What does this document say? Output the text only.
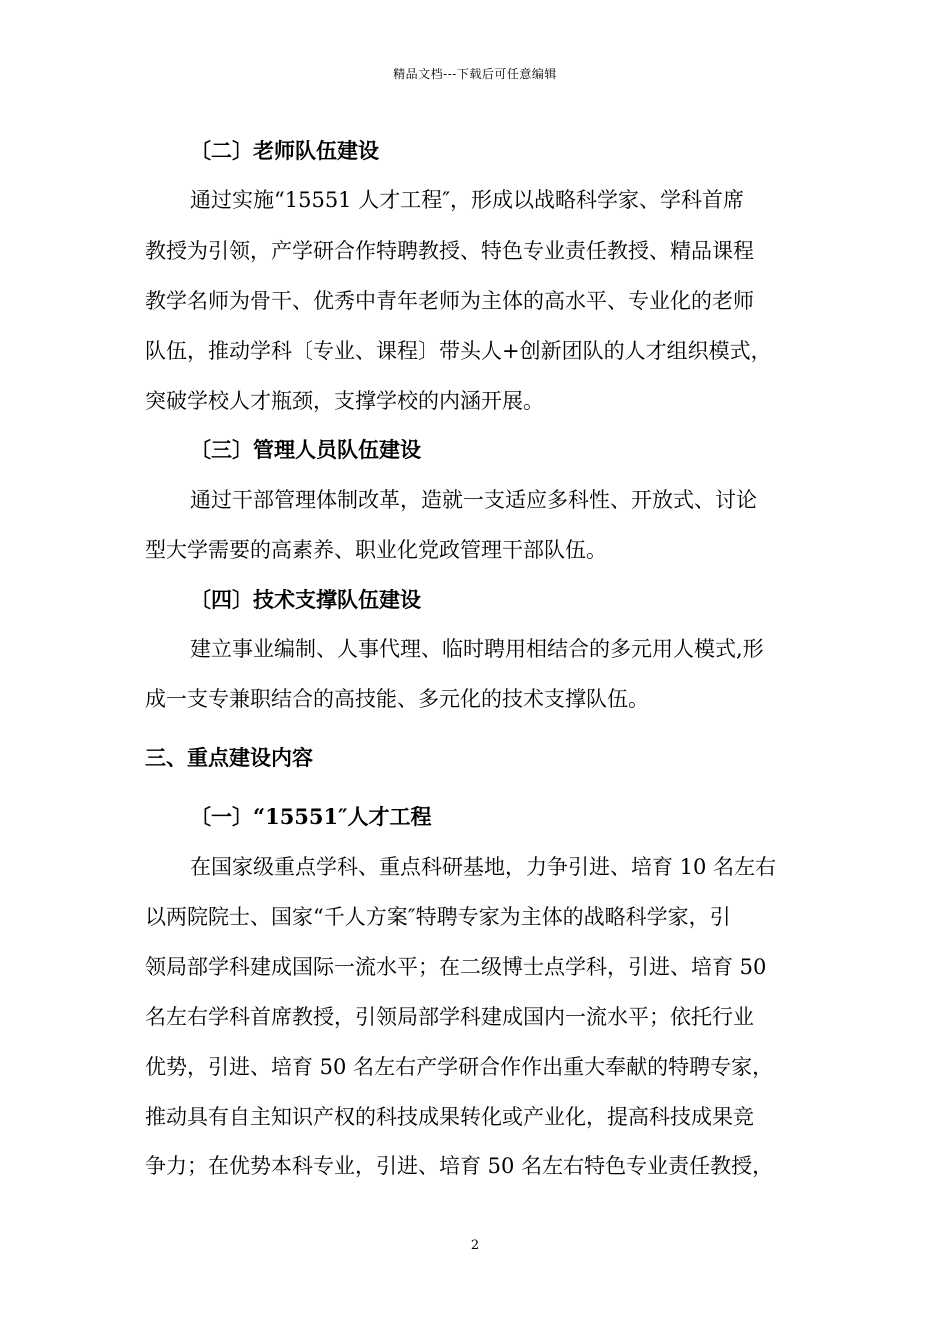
精品文档---下载后可任意编辑
〔二〕老师队伍建设
通过实施“15551 人才工程″，形成以战略科学家、学科首席
教授为引领，产学研合作特聘教授、特色专业责任教授、精品课程
教学名师为骨干、优秀中青年老师为主体的高水平、专业化的老师
队伍，推动学科〔专业、课程〕带头人+创新团队的人才组织模式，
突破学校人才瓶颈，支撑学校的内涵开展。
〔三〕管理人员队伍建设
通过干部管理体制改革，造就一支适应多科性、开放式、讨论
型大学需要的高素养、职业化党政管理干部队伍。
〔四〕技术支撑队伍建设
建立事业编制、人事代理、临时聘用相结合的多元用人模式,形
成一支专兼职结合的高技能、多元化的技术支撑队伍。
三、重点建设内容
〔一〕“15551″人才工程
在国家级重点学科、重点科研基地，力争引进、培育 10 名左右
以两院院士、国家“千人方案″特聘专家为主体的战略科学家，引
领局部学科建成国际一流水平；在二级博士点学科，引进、培育 50
名左右学科首席教授，引领局部学科建成国内一流水平；依托行业
优势，引进、培育 50 名左右产学研合作作出重大奉献的特聘专家，
推动具有自主知识产权的科技成果转化或产业化，提高科技成果竞
争力；在优势本科专业，引进、培育 50 名左右特色专业责任教授，
2
